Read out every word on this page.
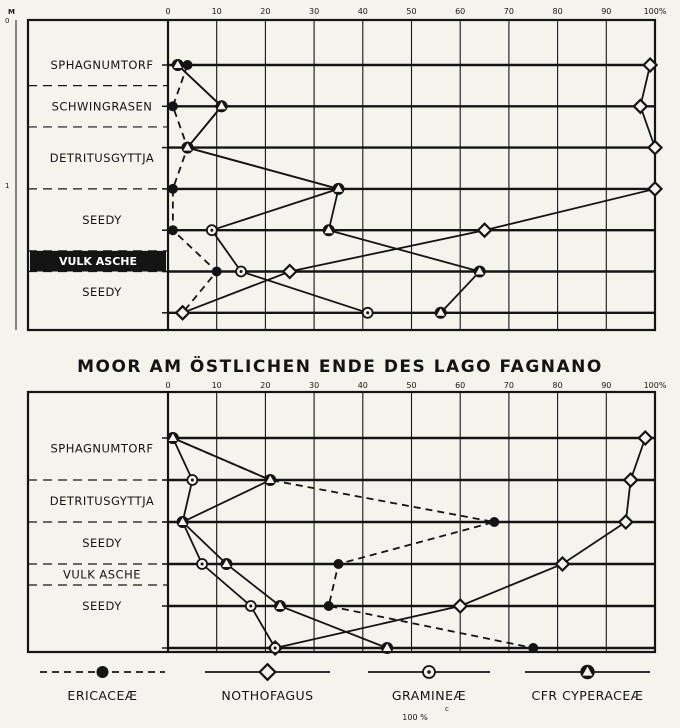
MOOR AM ÖSTLICHEN ENDE DES LAGO FAGNANO
0	10	20	30	40	50	60	70	80	90	100%
M
0
1
SPHAGNUMTORF
SCHWINGRASEN
DETRITUSGYTTJA
SEEDY
VULK ASCHE
SEEDY
0	10	20	30	40	50	60	70	80	90	100%
SPHAGNUMTORF
DETRITUSGYTTJA
SEEDY
VULK ASCHE
SEEDY
ERICACEÆ	NOTHOFAGUS	GRAMINEÆ	CFR CYPERACEÆ
c
100 %
